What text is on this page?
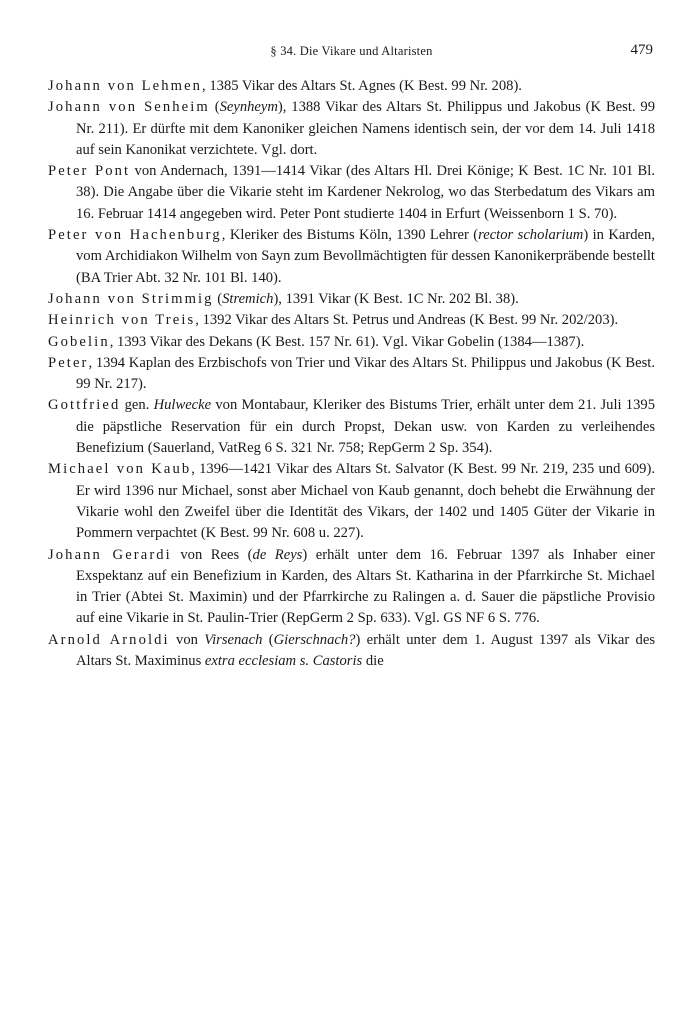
§ 34. Die Vikare und Altaristen	479

Johann von Lehmen, 1385 Vikar des Altars St. Agnes (K Best. 99 Nr. 208).

Johann von Senheim (Seynheym), 1388 Vikar des Altars St. Philippus und Jakobus (K Best. 99 Nr. 211). Er dürfte mit dem Kanoniker gleichen Namens identisch sein, der vor dem 14. Juli 1418 auf sein Kanonikat verzichtete. Vgl. dort.

Peter Pont von Andernach, 1391—1414 Vikar (des Altars Hl. Drei Könige; K Best. 1C Nr. 101 Bl. 38). Die Angabe über die Vikarie steht im Kardener Nekrolog, wo das Sterbedatum des Vikars am 16. Februar 1414 angegeben wird. Peter Pont studierte 1404 in Erfurt (Weissenborn 1 S. 70).

Peter von Hachenburg, Kleriker des Bistums Köln, 1390 Lehrer (rector scholarium) in Karden, vom Archidiakon Wilhelm von Sayn zum Bevollmächtigten für dessen Kanonikerpräbende bestellt (BA Trier Abt. 32 Nr. 101 Bl. 140).

Johann von Strimmig (Stremich), 1391 Vikar (K Best. 1C Nr. 202 Bl. 38).

Heinrich von Treis, 1392 Vikar des Altars St. Petrus und Andreas (K Best. 99 Nr. 202/203).

Gobelin, 1393 Vikar des Dekans (K Best. 157 Nr. 61). Vgl. Vikar Gobelin (1384—1387).

Peter, 1394 Kaplan des Erzbischofs von Trier und Vikar des Altars St. Philippus und Jakobus (K Best. 99 Nr. 217).

Gottfried gen. Hulwecke von Montabaur, Kleriker des Bistums Trier, erhält unter dem 21. Juli 1395 die päpstliche Reservation für ein durch Propst, Dekan usw. von Karden zu verleihendes Benefizium (Sauerland, VatReg 6 S. 321 Nr. 758; RepGerm 2 Sp. 354).

Michael von Kaub, 1396—1421 Vikar des Altars St. Salvator (K Best. 99 Nr. 219, 235 und 609). Er wird 1396 nur Michael, sonst aber Michael von Kaub genannt, doch behebt die Erwähnung der Vikarie wohl den Zweifel über die Identität des Vikars, der 1402 und 1405 Güter der Vikarie in Pommern verpachtet (K Best. 99 Nr. 608 u. 227).

Johann Gerardi von Rees (de Reys) erhält unter dem 16. Februar 1397 als Inhaber einer Exspektanz auf ein Benefizium in Karden, des Altars St. Katharina in der Pfarrkirche St. Michael in Trier (Abtei St. Maximin) und der Pfarrkirche zu Ralingen a. d. Sauer die päpstliche Provisio auf eine Vikarie in St. Paulin-Trier (RepGerm 2 Sp. 633). Vgl. GS NF 6 S. 776.

Arnold Arnoldi von Virsenach (Gierschnach?) erhält unter dem 1. August 1397 als Vikar des Altars St. Maximinus extra ecclesiam s. Castoris die
